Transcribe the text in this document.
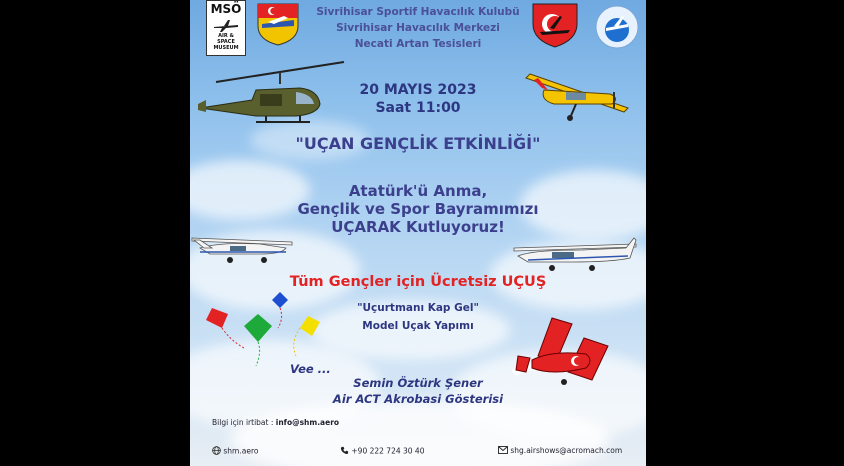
MSÖ
AIR & SPACE MUSEUM
Sivrihisar Sportif Havacılık Kulubü
Sivrihisar Havacılık Merkezi
Necati Artan Tesisleri
20 MAYIS 2023
Saat 11:00
"UÇAN GENÇLİK ETKİNLİĞİ"
Atatürk'ü Anma,
Gençlik ve Spor Bayramımızı
UÇARAK Kutluyoruz!
Tüm Gençler için Ücretsiz UÇUŞ
"Uçurtmanı Kap Gel"
Model Uçak Yapımı
Vee ...
Semin Öztürk Şener
Air ACT Akrobasi Gösterisi
Bilgi için irtibat : info@shm.aero
shm.aero	+90 222 724 30 40	shg.airshows@acromach.com
